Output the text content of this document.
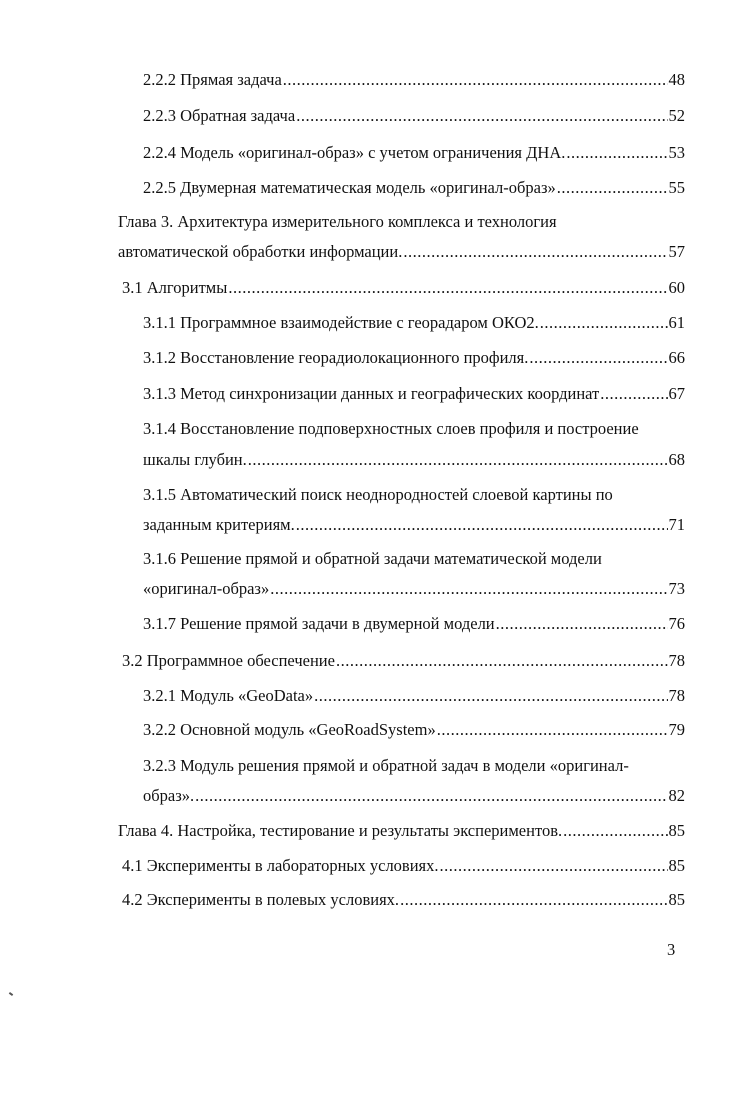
2.2.2 Прямая задача .....	48
2.2.3 Обратная задача .....	52
2.2.4 Модель «оригинал-образ» с учетом ограничения ДНА. .....	53
2.2.5 Двумерная математическая модель «оригинал-образ» .....	55
Глава 3. Архитектура измерительного комплекса и технология
автоматической обработки информации. .....	57
3.1 Алгоритмы .....	60
3.1.1 Программное взаимодействие с георадаром ОКО2. .....	61
3.1.2 Восстановление георадиолокационного профиля. .....	66
3.1.3 Метод синхронизации данных и географических координат .....	67
3.1.4 Восстановление подповерхностных слоев профиля и построение
шкалы глубин. .....	68
3.1.5 Автоматический поиск неоднородностей слоевой картины по
заданным критериям. .....	71
3.1.6 Решение прямой и обратной задачи математической модели
«оригинал-образ» .....	73
3.1.7 Решение прямой задачи в двумерной модели .....	76
3.2 Программное обеспечение .....	78
3.2.1 Модуль «GeoData» .....	78
3.2.2 Основной модуль «GeoRoadSystem» .....	79
3.2.3 Модуль решения прямой и обратной задач в модели «оригинал-
образ». .....	82
Глава 4. Настройка, тестирование и результаты экспериментов. .....	85
4.1 Эксперименты в лабораторных условиях. .....	85
4.2 Эксперименты в полевых условиях. .....	85
3
